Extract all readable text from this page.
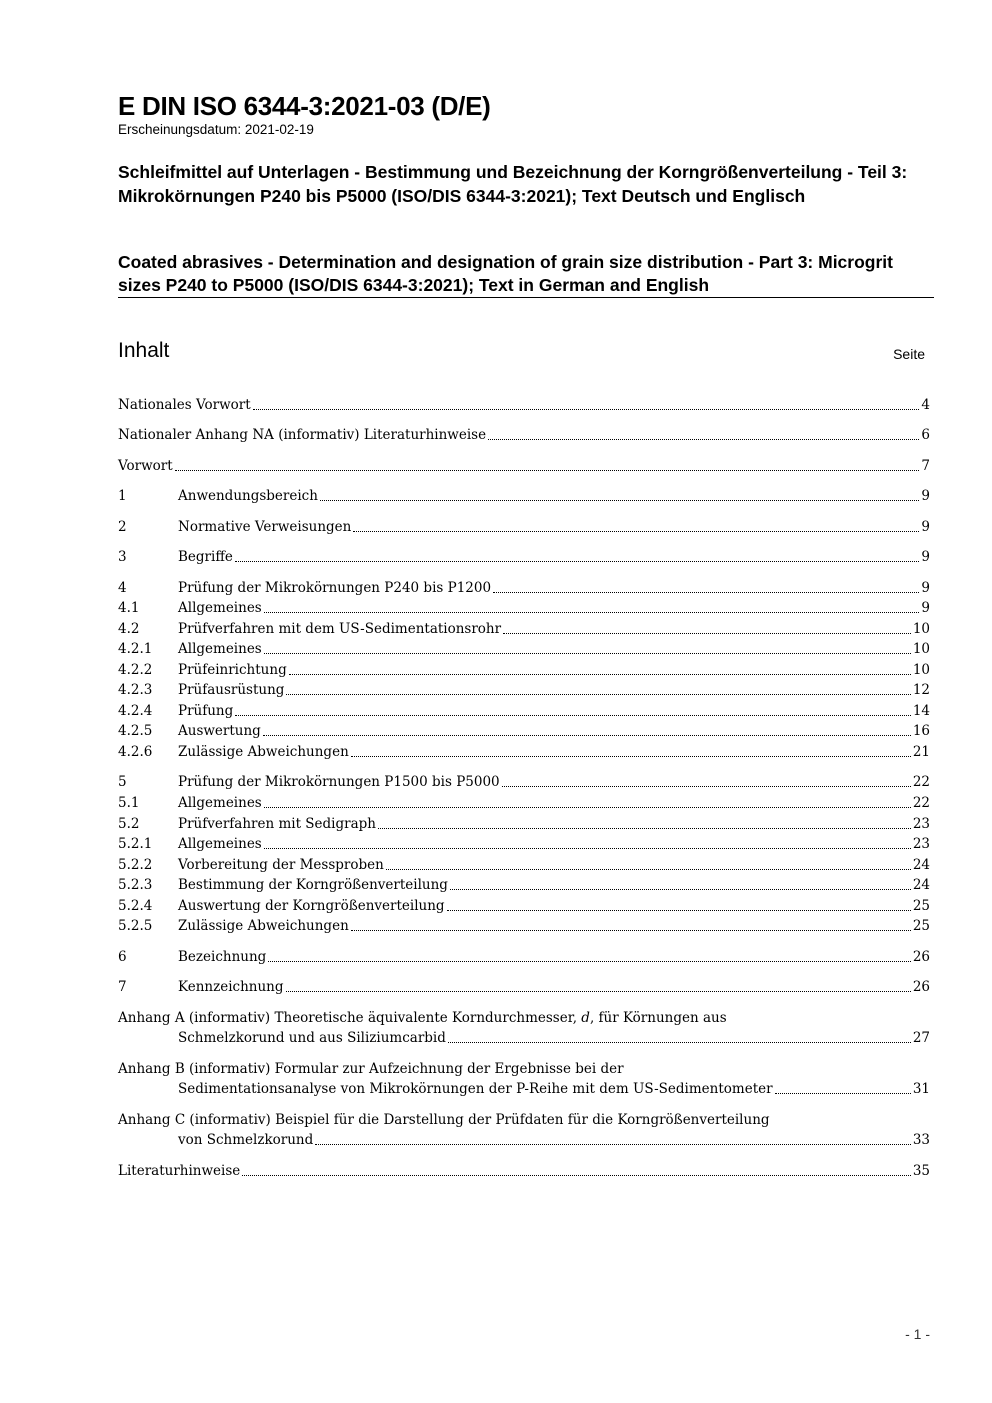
E DIN ISO 6344-3:2021-03 (D/E)
Erscheinungsdatum: 2021-02-19

Schleifmittel auf Unterlagen - Bestimmung und Bezeichnung der Korngrößenverteilung - Teil 3: Mikrokörnungen P240 bis P5000 (ISO/DIS 6344-3:2021); Text Deutsch und Englisch

Coated abrasives - Determination and designation of grain size distribution - Part 3: Microgrit sizes P240 to P5000 (ISO/DIS 6344-3:2021); Text in German and English

Inhalt	Seite
Nationales Vorwort	4
Nationaler Anhang NA (informativ) Literaturhinweise	6
Vorwort	7
1	Anwendungsbereich	9
2	Normative Verweisungen	9
3	Begriffe	9
4	Prüfung der Mikrokörnungen P240 bis P1200	9
4.1	Allgemeines	9
4.2	Prüfverfahren mit dem US-Sedimentationsrohr	10
4.2.1 Allgemeines	10
4.2.2 Prüfeinrichtung	10
4.2.3 Prüfausrüstung	12
4.2.4 Prüfung	14
4.2.5 Auswertung	16
4.2.6 Zulässige Abweichungen	21
5	Prüfung der Mikrokörnungen P1500 bis P5000	22
5.1	Allgemeines	22
5.2	Prüfverfahren mit Sedigraph	23
5.2.1 Allgemeines	23
5.2.2 Vorbereitung der Messproben	24
5.2.3 Bestimmung der Korngrößenverteilung	24
5.2.4 Auswertung der Korngrößenverteilung	25
5.2.5 Zulässige Abweichungen	25
6	Bezeichnung	26
7	Kennzeichnung	26
Anhang A (informativ) Theoretische äquivalente Korndurchmesser, d, für Körnungen aus
Schmelzkorund und aus Siliziumcarbid	27
Anhang B (informativ) Formular zur Aufzeichnung der Ergebnisse bei der
Sedimentationsanalyse von Mikrokörnungen der P-Reihe mit dem US-Sedimentometer	31
Anhang C (informativ) Beispiel für die Darstellung der Prüfdaten für die Korngrößenverteilung
von Schmelzkorund	33
Literaturhinweise	35
- 1 -
